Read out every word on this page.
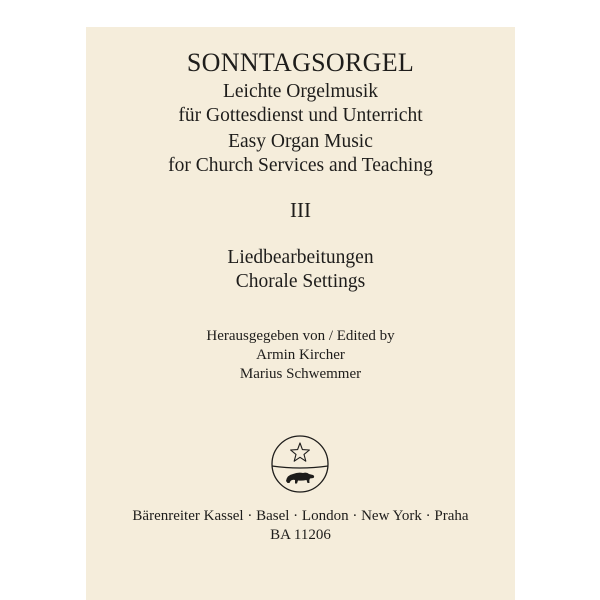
SONNTAGSORGEL
Leichte Orgelmusik
für Gottesdienst und Unterricht
Easy Organ Music
for Church Services and Teaching
III
Liedbearbeitungen
Chorale Settings
Herausgegeben von / Edited by
Armin Kircher
Marius Schwemmer
Bärenreiter Kassel · Basel · London · New York · Praha
BA 11206
